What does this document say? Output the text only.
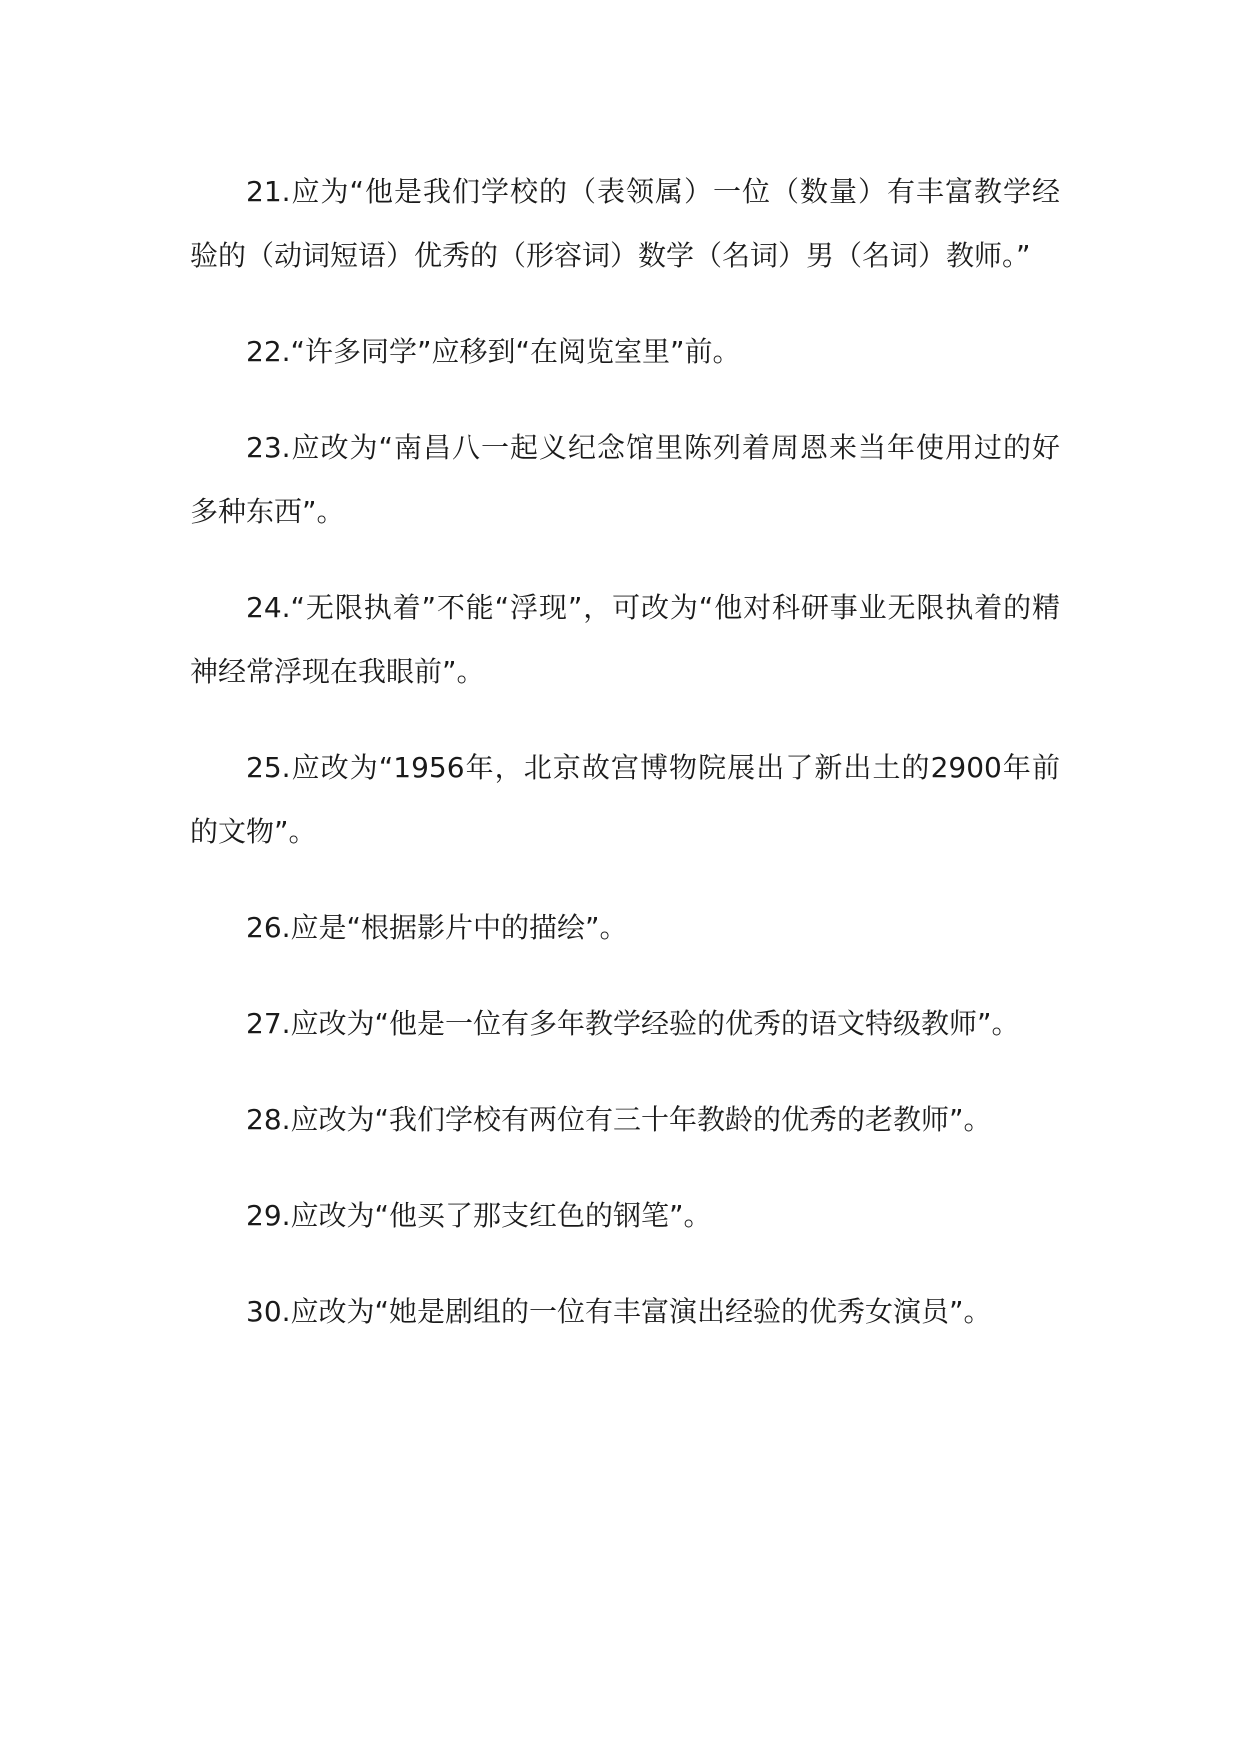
21.应为“他是我们学校的（表领属）一位（数量）有丰富教学经验的（动词短语）优秀的（形容词）数学（名词）男（名词）教师。”

22.“许多同学”应移到“在阅览室里”前。

23.应改为“南昌八一起义纪念馆里陈列着周恩来当年使用过的好多种东西”。

24.“无限执着”不能“浮现”，可改为“他对科研事业无限执着的精神经常浮现在我眼前”。

25.应改为“1956年，北京故宫博物院展出了新出土的2900年前的文物”。

26.应是“根据影片中的描绘”。

27.应改为“他是一位有多年教学经验的优秀的语文特级教师”。

28.应改为“我们学校有两位有三十年教龄的优秀的老教师”。

29.应改为“他买了那支红色的钢笔”。

30.应改为“她是剧组的一位有丰富演出经验的优秀女演员”。
